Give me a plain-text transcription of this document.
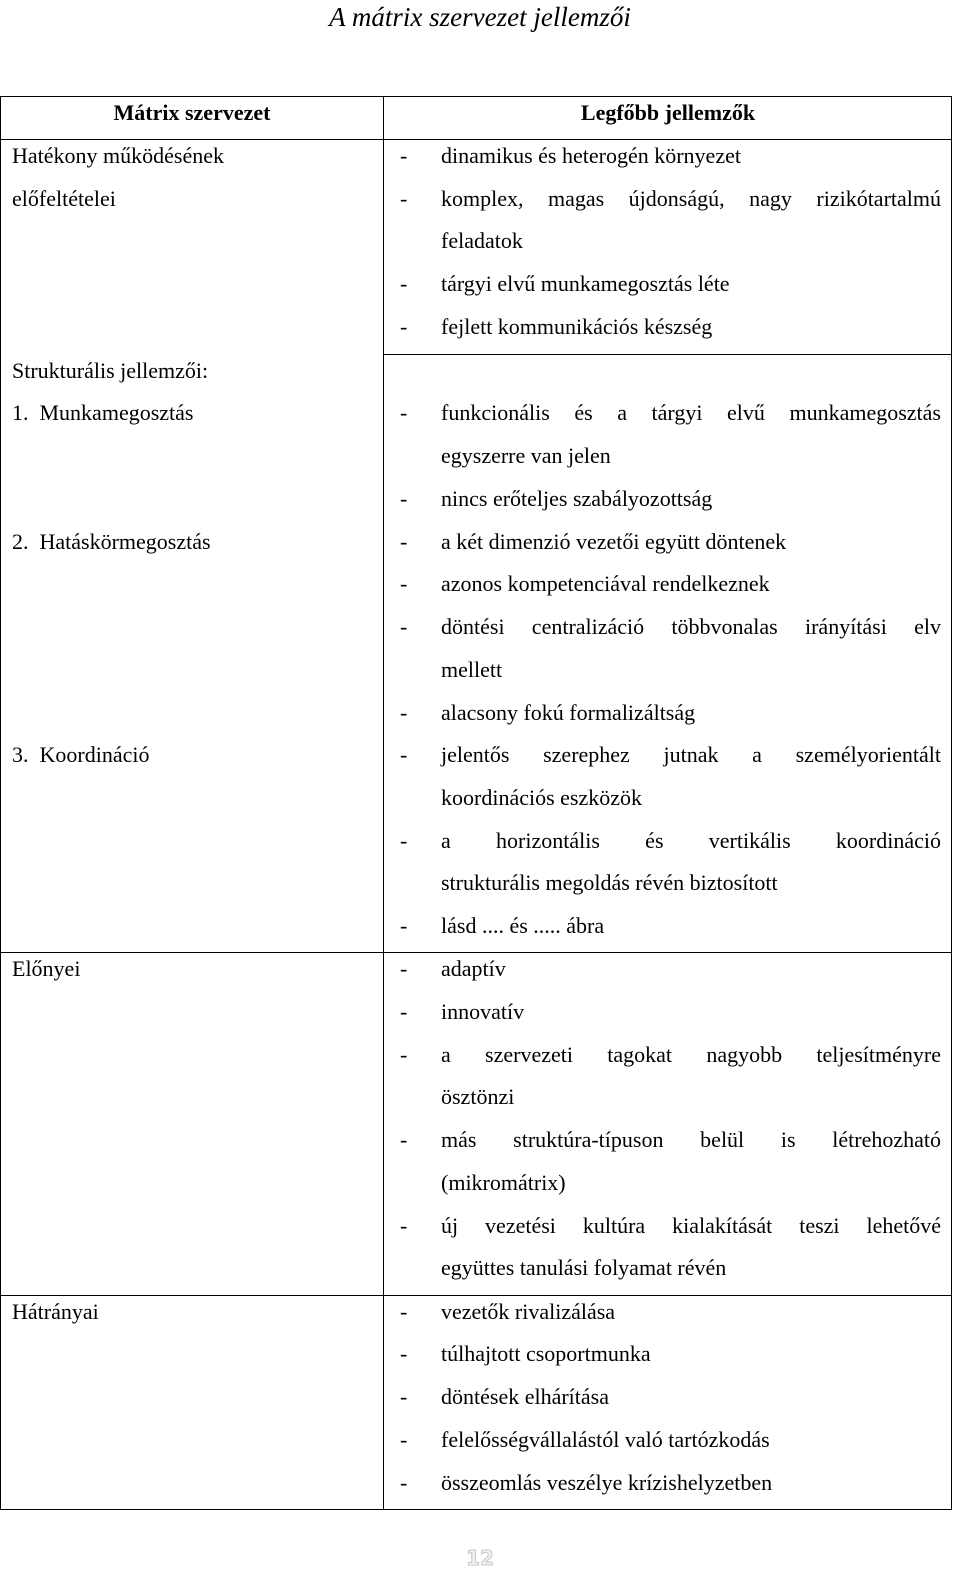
A mátrix szervezet jellemzői
Mátrix szervezet	Legfőbb jellemzők
Hatékony működésének
előfeltételei
Strukturális jellemzői:
1.  Munkamegosztás
2.  Hatáskörmegosztás
3.  Koordináció
Előnyei
Hátrányai
- dinamikus és heterogén környezet
- komplex, magas újdonságú, nagy rizikótartalmú
feladatok
- tárgyi elvű munkamegosztás léte
- fejlett kommunikációs készség
- funkcionális és a tárgyi elvű munkamegosztás
egyszerre van jelen
- nincs erőteljes szabályozottság
- a két dimenzió vezetői együtt döntenek
- azonos kompetenciával rendelkeznek
- döntési centralizáció többvonalas irányítási elv
mellett
- alacsony fokú formalizáltság
- jelentős szerephez jutnak a személyorientált
koordinációs eszközök
- a horizontális és vertikális koordináció
strukturális megoldás révén biztosított
- lásd .... és ..... ábra
- adaptív
- innovatív
- a szervezeti tagokat nagyobb teljesítményre
ösztönzi
- más struktúra-típuson belül is létrehozható
(mikromátrix)
- új vezetési kultúra kialakítását teszi lehetővé
együttes tanulási folyamat révén
- vezetők rivalizálása
- túlhajtott csoportmunka
- döntések elhárítása
- felelősségvállalástól való tartózkodás
- összeomlás veszélye krízishelyzetben
12
